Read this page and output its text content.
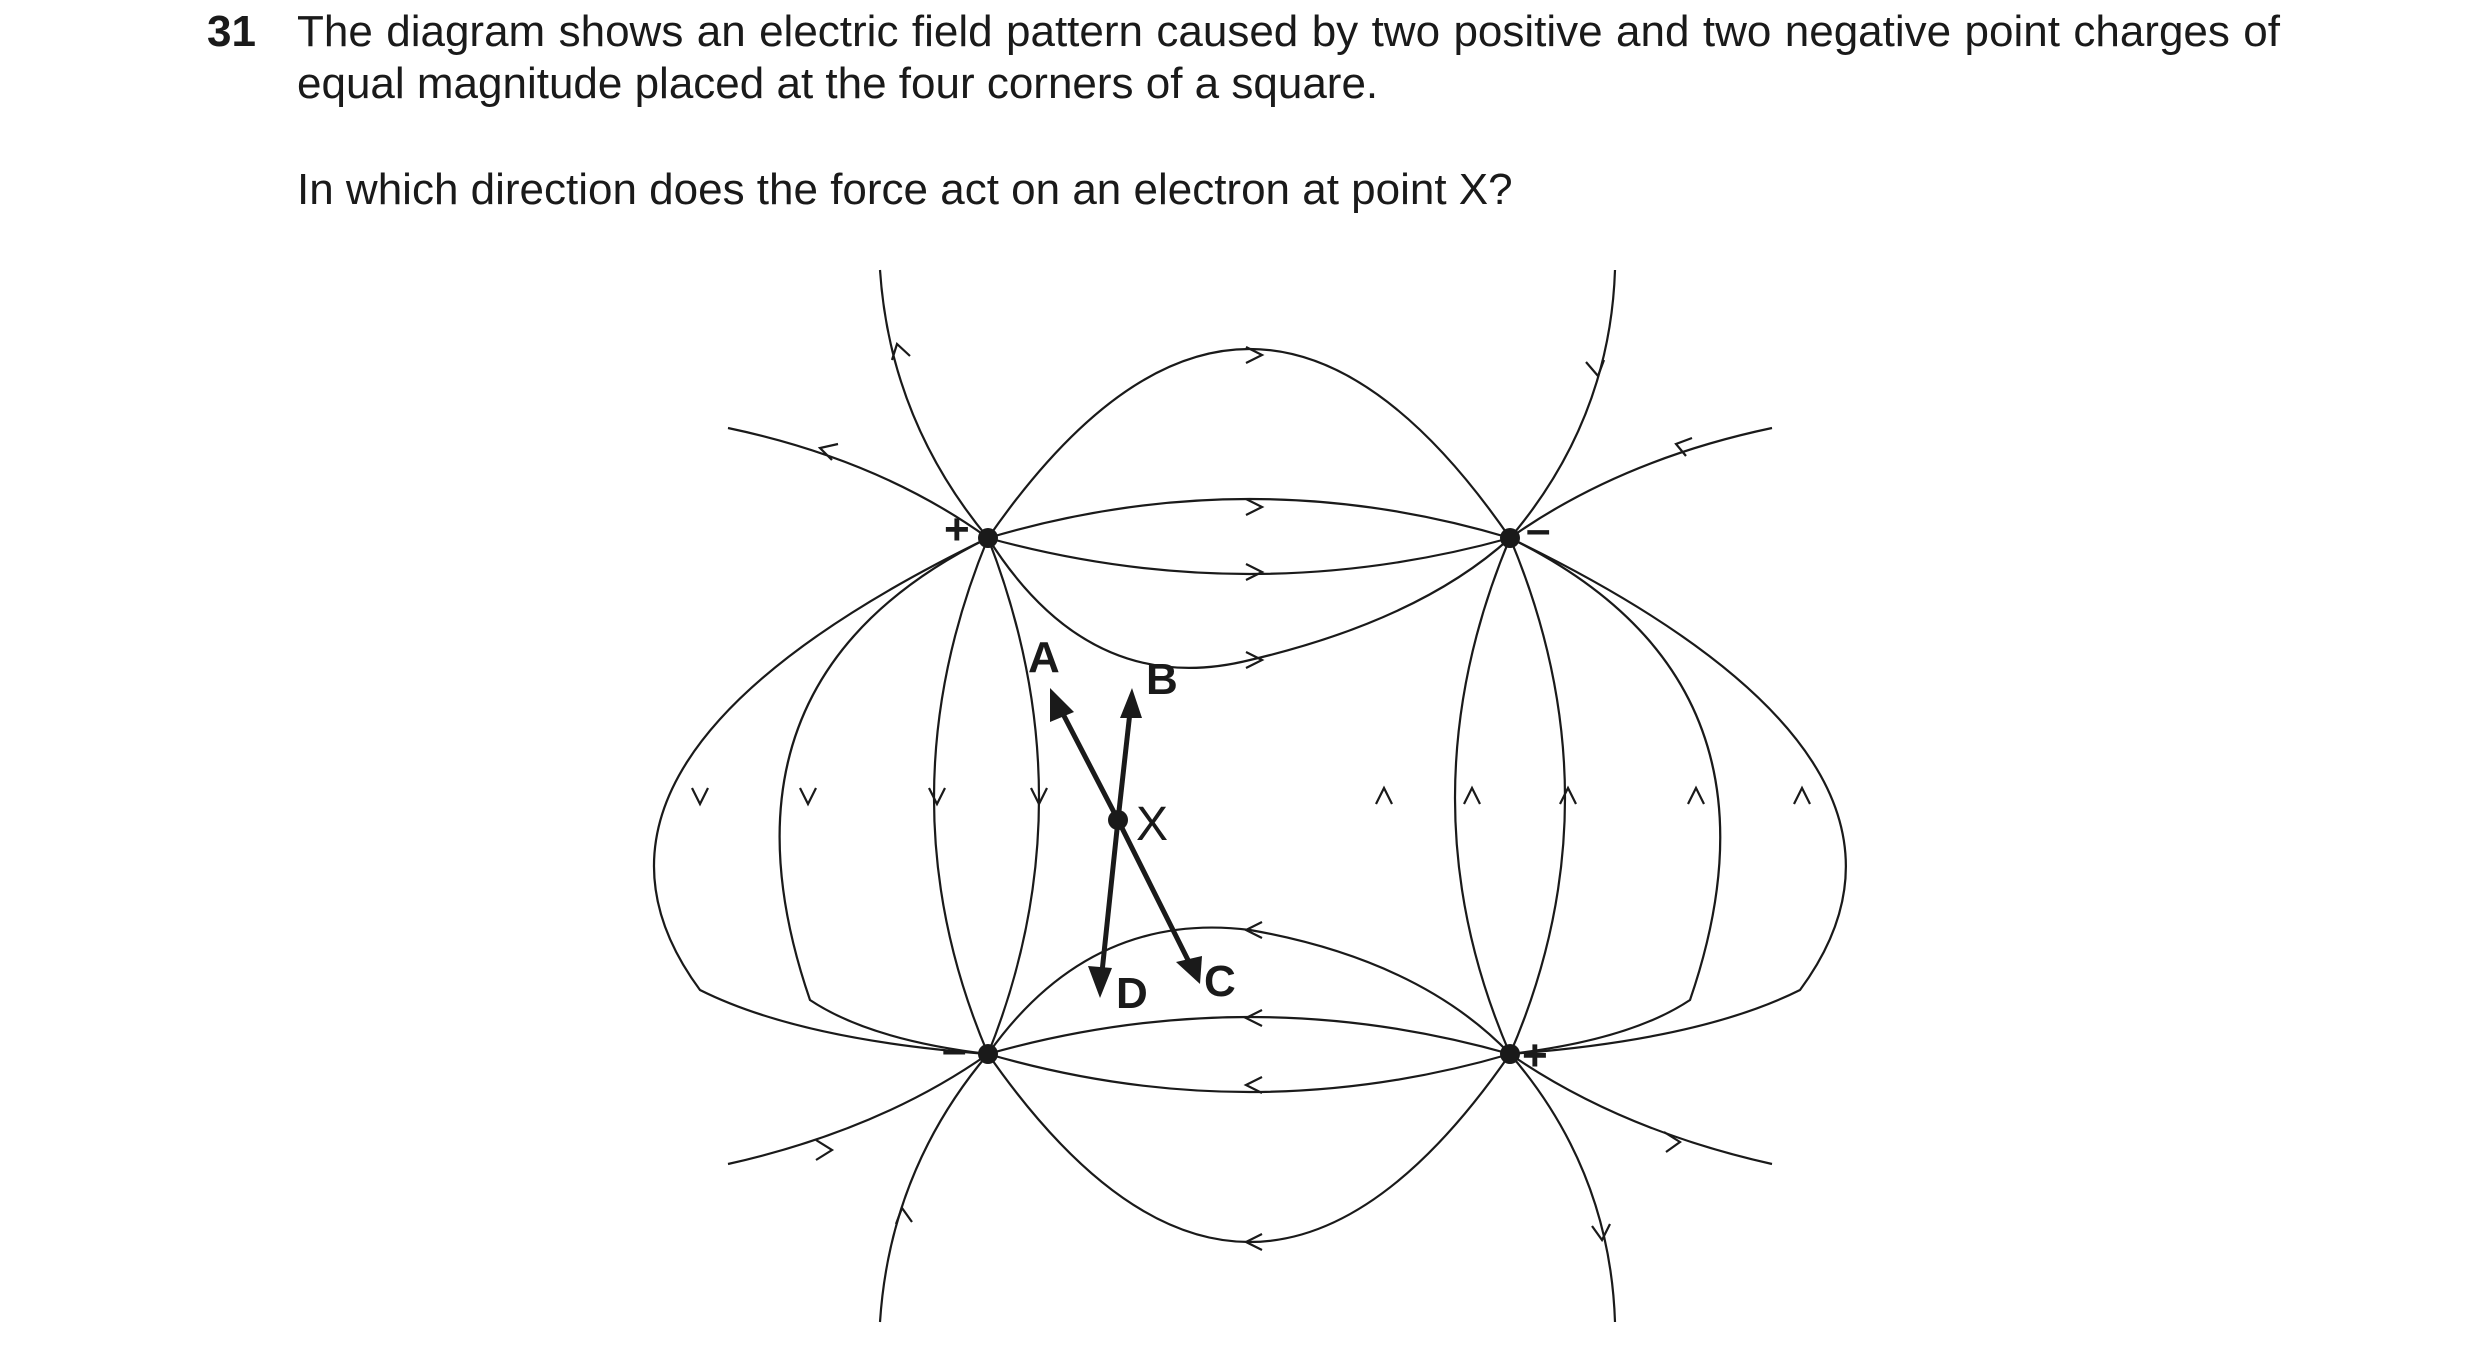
31 The diagram shows an electric field pattern caused by two positive and two negative point charges of equal magnitude placed at the four corners of a square.
In which direction does the force act on an electron at point X?
+	–
–	+
A B
C
D
X
